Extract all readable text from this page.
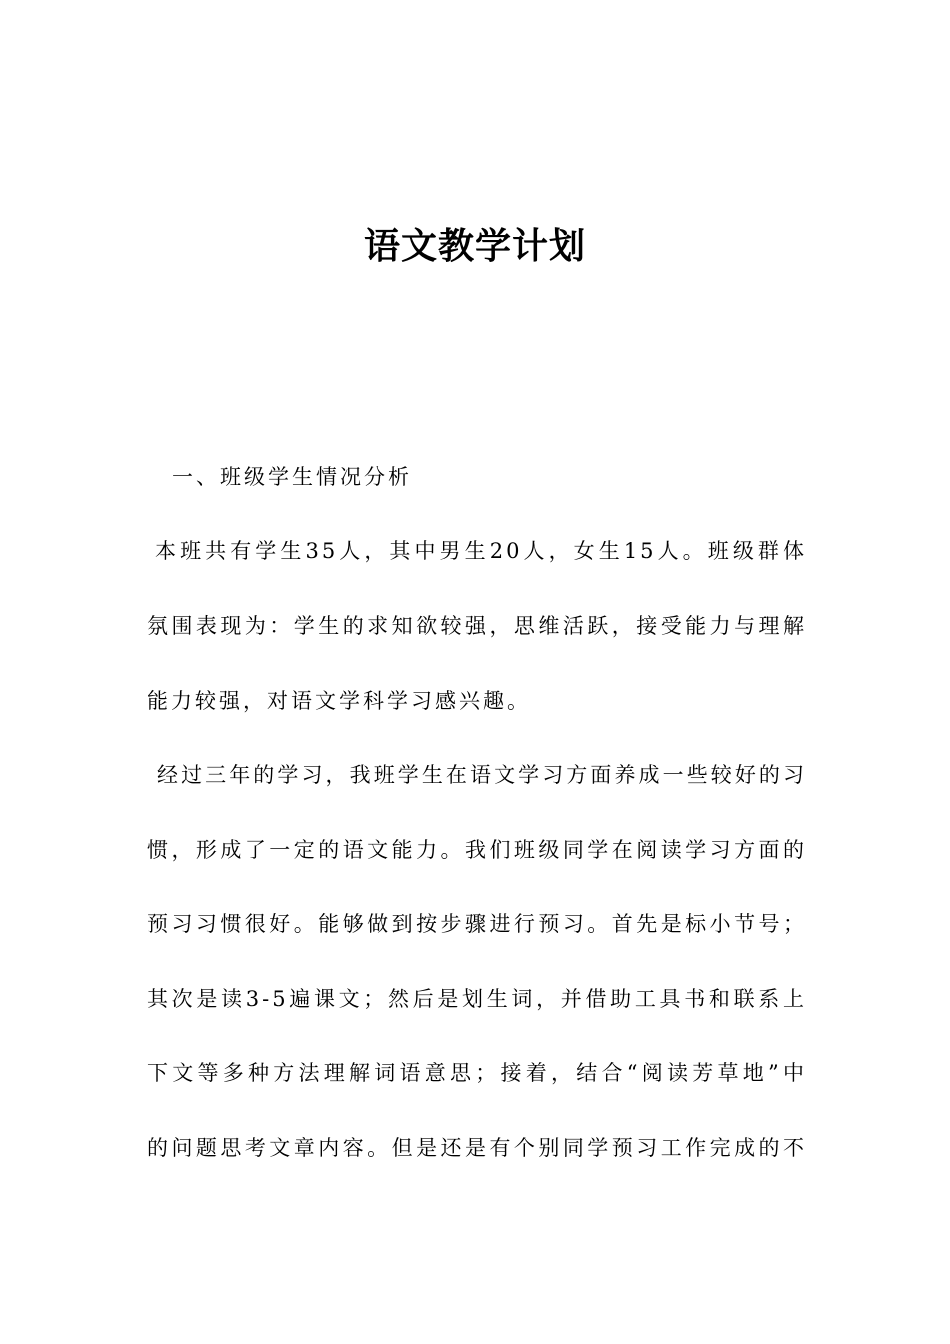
语文教学计划
一、班级学生情况分析
本班共有学生35人，其中男生20人，女生15人。班级群体
氛围表现为：学生的求知欲较强，思维活跃，接受能力与理解
能力较强，对语文学科学习感兴趣。
经过三年的学习，我班学生在语文学习方面养成一些较好的习
惯，形成了一定的语文能力。我们班级同学在阅读学习方面的
预习习惯很好。能够做到按步骤进行预习。首先是标小节号；
其次是读3-5遍课文；然后是划生词，并借助工具书和联系上
下文等多种方法理解词语意思；接着，结合“阅读芳草地”中
的问题思考文章内容。但是还是有个别同学预习工作完成的不
